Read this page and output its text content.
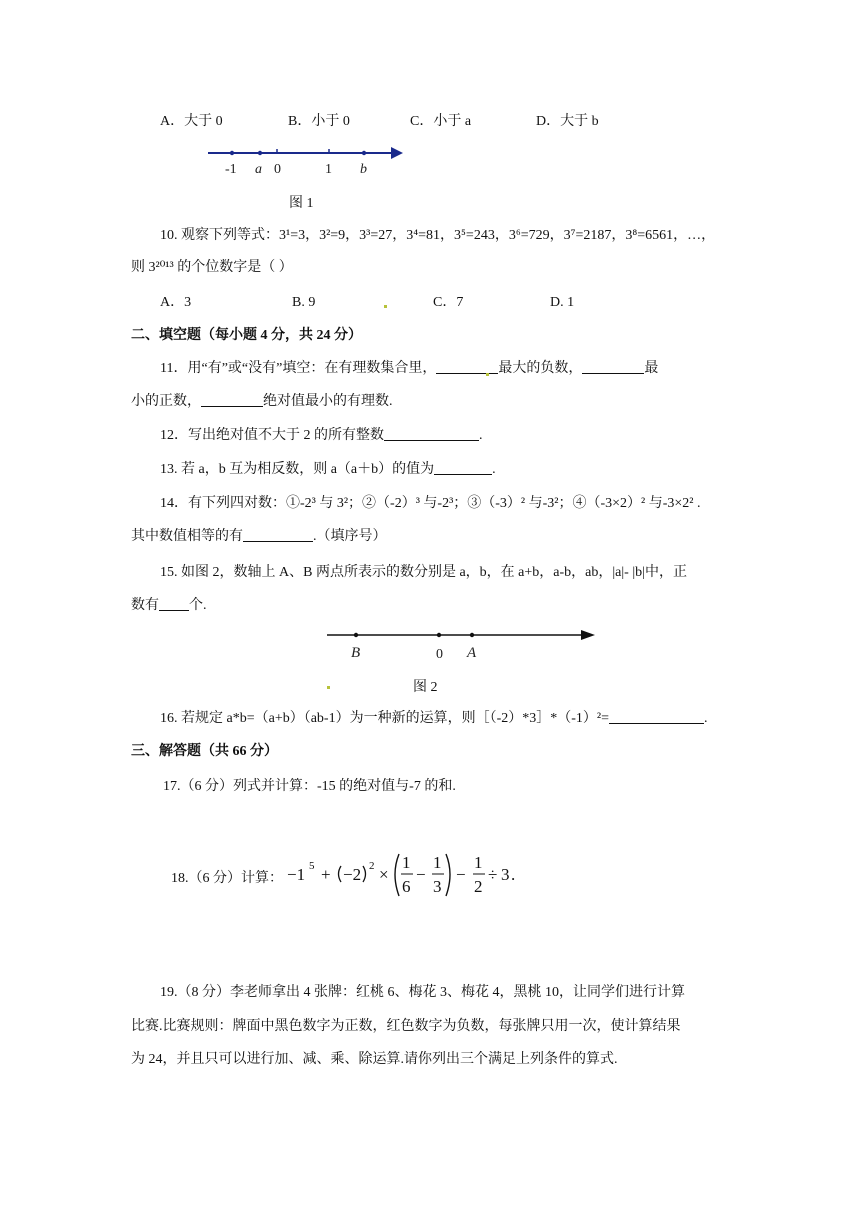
A．大于 0	B．小于 0	C．小于 a	D．大于 b
-1 a 0	1 b
图 1
10. 观察下列等式：3¹=3，3²=9，3³=27，3⁴=81，3⁵=243，3⁶=729，3⁷=2187，3⁸=6561，…，
则 3²⁰¹³ 的个位数字是（ ）
A．3	B. 9	C．7	D. 1
二、填空题（每小题 4 分，共 24 分）
11．用“有”或“没有”填空：在有理数集合里，	最大的负数，	最
小的正数，	绝对值最小的有理数.
12．写出绝对值不大于 2 的所有整数	.
13. 若 a，b 互为相反数，则 a（a＋b）的值为	.
14．有下列四对数：①-2³ 与 3²；②（-2）³ 与-2³；③（-3）² 与-3²；④（-3×2）² 与-3×2² .
其中数值相等的有	.（填序号）
15. 如图 2，数轴上 A、B 两点所表示的数分别是 a，b，在 a+b，a-b，ab，|a|- |b|中，正
数有 个.
B	0 A
图 2
16. 若规定 a*b=（a+b）（ab-1）为一种新的运算，则［（-2）*3］*（-1）²=	.
三、解答题（共 66 分）
17.（6 分）列式并计算：-15 的绝对值与-7 的和.
18.（6 分）计算： −1 5 + −2 2 ×
1
6
−
1
3
−
1
2
÷ 3 .
19.（8 分）李老师拿出 4 张牌：红桃 6、梅花 3、梅花 4，黑桃 10，让同学们进行计算
比赛.比赛规则：牌面中黑色数字为正数，红色数字为负数，每张牌只用一次，使计算结果
为 24，并且只可以进行加、减、乘、除运算.请你列出三个满足上列条件的算式.
